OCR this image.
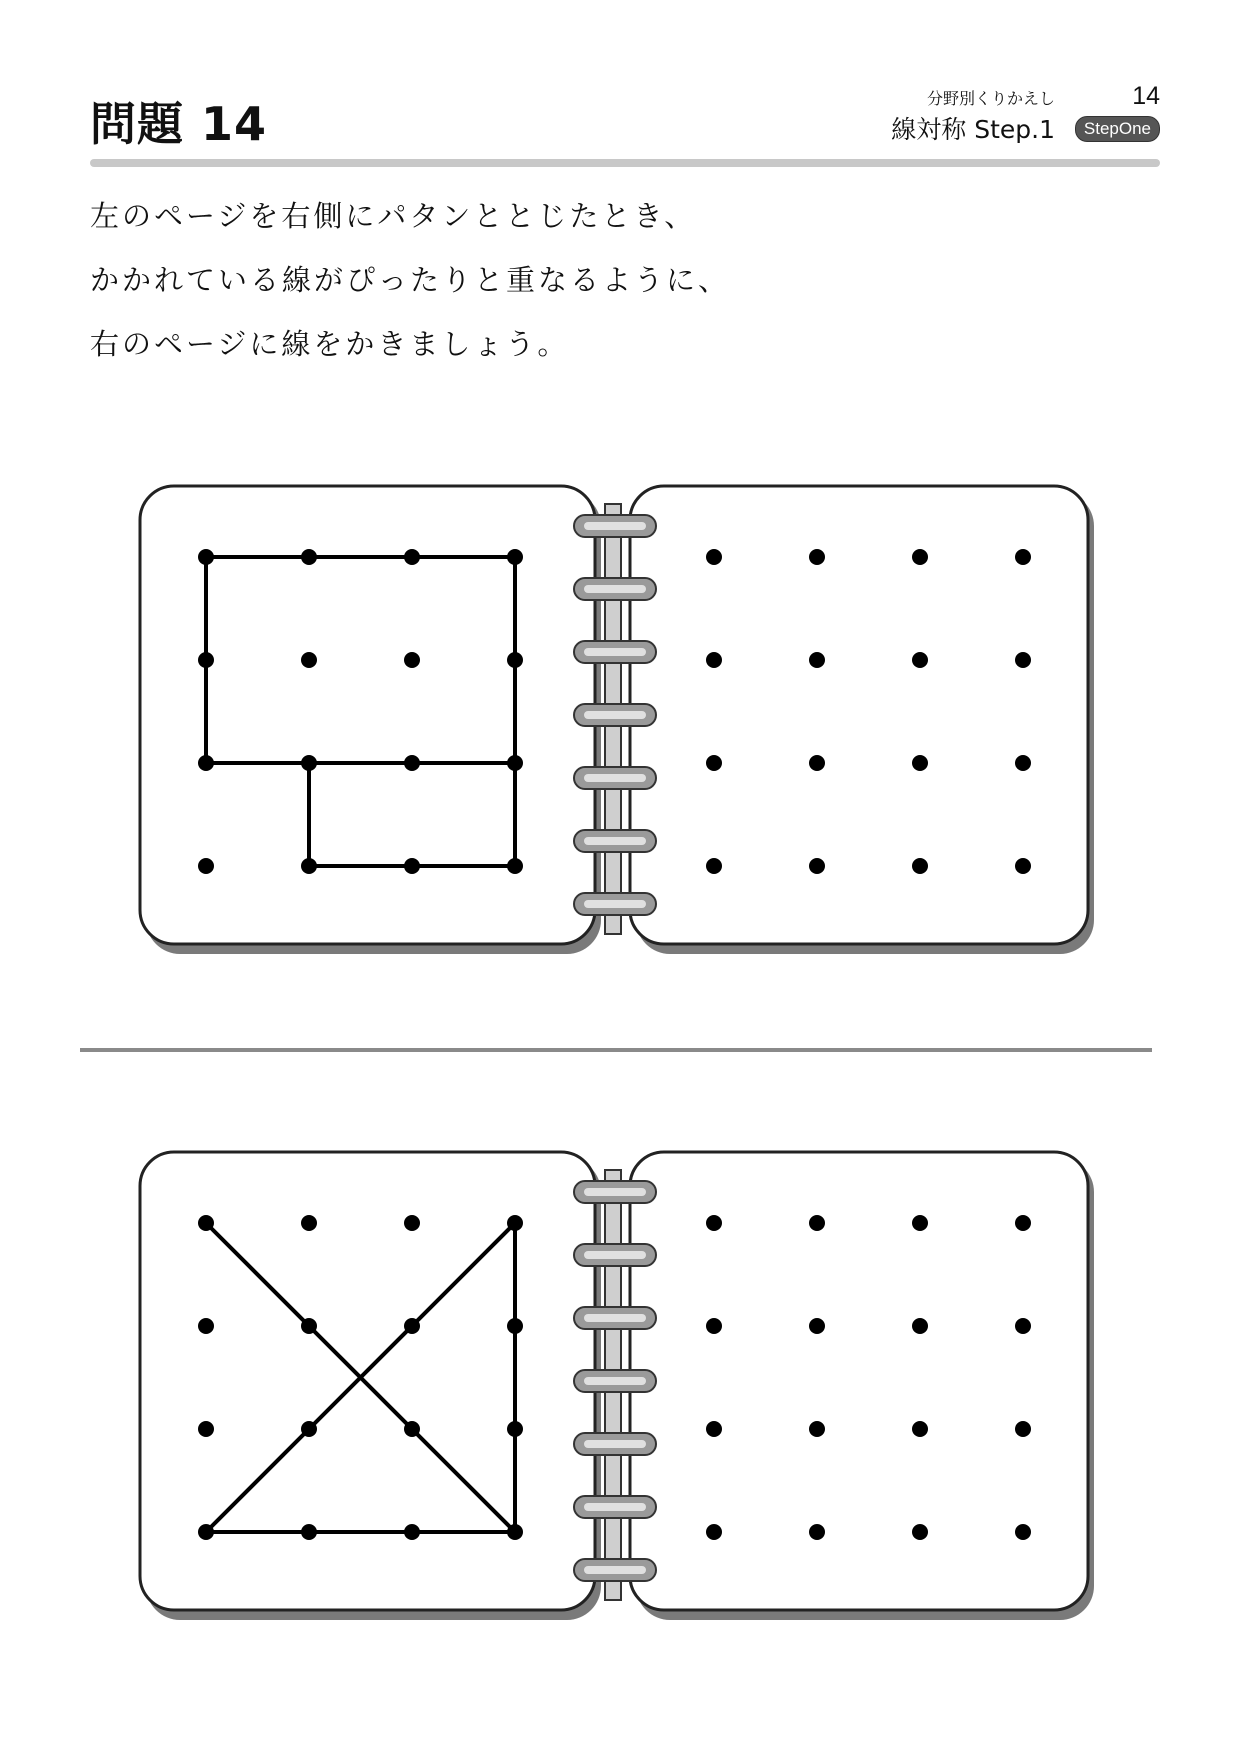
問題 14	分野別くりかえし	14
線対称 Step.1	StepOne
左のページを右側にパタンととじたとき、
かかれている線がぴったりと重なるように、
右のページに線をかきましょう。
